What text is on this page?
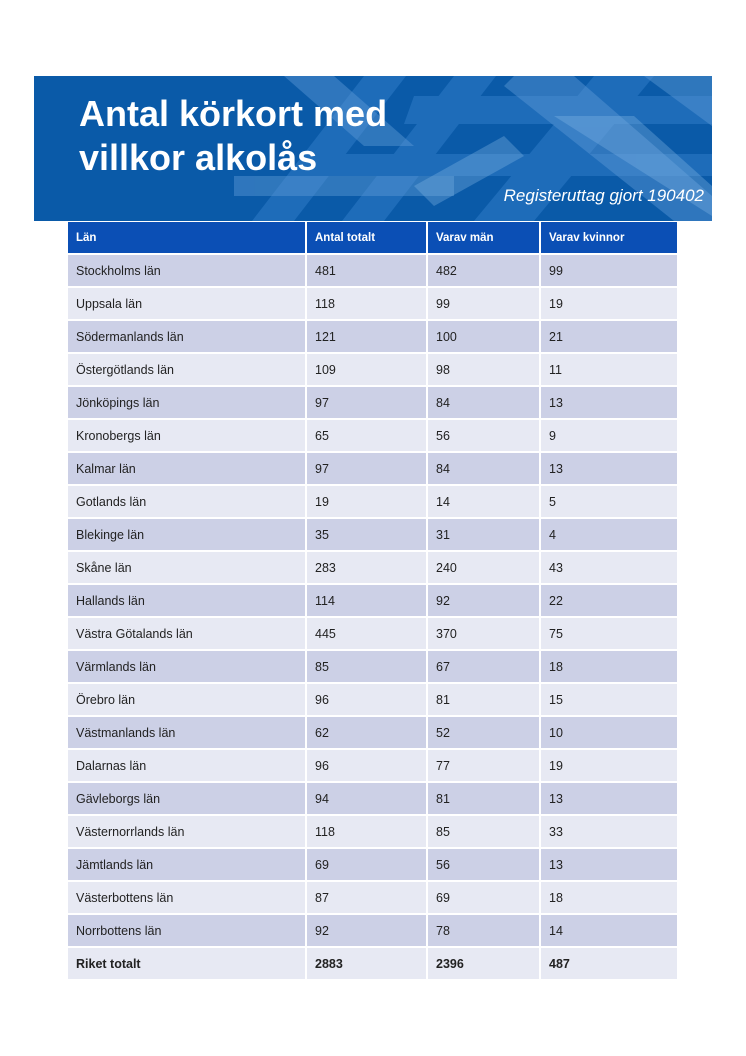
Antal körkort med
villkor alkolås
Registeruttag gjort 190402
Län	Antal totalt	Varav män	Varav kvinnor
Stockholms län	481	482	99
Uppsala län	118	99	19
Södermanlands län	121	100	21
Östergötlands län	109	98	11
Jönköpings län	97	84	13
Kronobergs län	65	56	9
Kalmar län	97	84	13
Gotlands län	19	14	5
Blekinge län	35	31	4
Skåne län	283	240	43
Hallands län	114	92	22
Västra Götalands län	445	370	75
Värmlands län	85	67	18
Örebro län	96	81	15
Västmanlands län	62	52	10
Dalarnas län	96	77	19
Gävleborgs län	94	81	13
Västernorrlands län	118	85	33
Jämtlands län	69	56	13
Västerbottens län	87	69	18
Norrbottens län	92	78	14
Riket totalt	2883	2396	487
